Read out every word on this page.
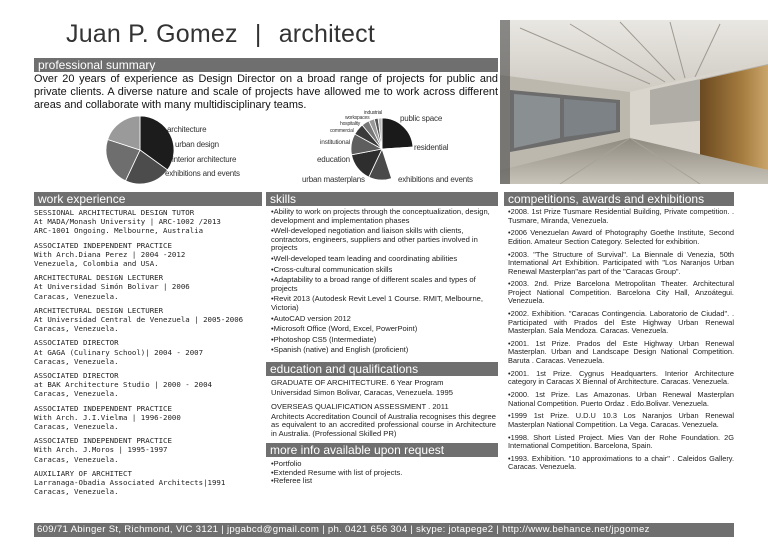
Juan P. Gomez | architect
professional summary
Over 20 years of experience as Design Director on a broad range of projects for public and private clients. A diverse nature and scale of projects have allowed me to work across different areas and collaborate with many multidisciplinary teams.
architecture
urban design
interior architecture
exhibitions and events
industrial
workspaces
hospitality
commercial
institutional
education
urban masterplans	exhibitions and events
residential
public space
work experience	skills	competitions, awards and exhibitions
SESSIONAL ARCHITECTURAL DESIGN TUTOR
At MADA/Monash University | ARC-1002 /2013
ARC-1001 Ongoing. Melbourne, Australia
ASSOCIATED INDEPENDENT PRACTICE
With Arch.Diana Perez | 2004 -2012
Venezuela, Colombia and USA.
ARCHITECTURAL DESIGN LECTURER
At Universidad Simón Bolivar | 2006
Caracas, Venezuela.
ARCHITECTURAL DESIGN LECTURER
At Universidad Central de Venezuela | 2005-2006
Caracas, Venezuela.
ASSOCIATED DIRECTOR
At GAGA (Culinary School)| 2004 - 2007
Caracas, Venezuela.
ASSOCIATED DIRECTOR
at BAK Architecture Studio | 2000 - 2004
Caracas, Venezuela.
ASSOCIATED INDEPENDENT PRACTICE
With Arch. J.I.Vielma | 1996-2000
Caracas, Venezuela.
ASSOCIATED INDEPENDENT PRACTICE
With Arch. J.Moros | 1995-1997
Caracas, Venezuela.
AUXILIARY OF ARCHITECT
Larranaga-Obadia Associated Architects|1991
Caracas, Venezuela.
•Ability to work on projects through the conceptualization, design, development and implementation phases
•Well-developed negotiation and liaison skills with clients, contractors, engineers, suppliers and other parties involved in projects
•Well-developed team leading and coordinating abilities
•Cross-cultural communication skills
•Adaptability to a broad range of different scales and types of projects
•Revit 2013 (Autodesk Revit Level 1 Course. RMIT, Melbourne, Victoria)
•AutoCAD version 2012
•Microsoft Office (Word, Excel, PowerPoint)
•Photoshop CS5 (Intermediate)
•Spanish (native) and English (proficient)
education and qualifications
GRADUATE OF ARCHITECTURE. 6 Year Program
Universidad Simon Bolivar, Caracas, Venezuela. 1995
OVERSEAS QUALIFICATION ASSESSMENT . 2011
Architects Accreditation Council of Australia recognises this degree as equivalent to an accredited professional course in Architecture in Australia. (Professional Skilled PR)
more info available upon request
•Portfolio
•Extended Resume with list of projects.
•Referee list

•2008. 1st Prize Tusmare Residential Building, Private competition. . Tusmare, Miranda, Venezuela.

•2006 Venezuelan Award of Photography Goethe Institute, Second Edition. Amateur Section Category. Selected for exhibition.

•2003. "The Structure of Survival". La Biennale di Venezia, 50th International Art Exhibition. Participated with "Los Naranjos Urban Renewal Masterplan"as part of the "Caracas Group".

•2003. 2nd. Prize Barcelona Metropolitan Theater. Architectural Project National Competition. Barcelona City Hall, Anzoátegui. Venezuela.

•2002. Exhibition. "Caracas Contingencia. Laboratorio de Ciudad". . Participated with Prados del Este Highway Urban Renewal Masterplan. Sala Mendoza. Caracas. Venezuela.

•2001. 1st Prize. Prados del Este Highway Urban Renewal Masterplan. Urban and Landscape Design National Competition. Baruta . Caracas. Venezuela.

•2001. 1st Prize. Cygnus Headquarters. Interior Architecture category in Caracas X Biennal of Architecture. Caracas. Venezuela.

•2000. 1st Prize. Las Amazonas. Urban Renewal Masterplan National Competition. Puerto Ordaz . Edo.Bolivar. Venezuela.

•1999 1st Prize. U.D.U 10.3 Los Naranjos Urban Renewal Masterplan National Competition. La Vega. Caracas. Venezuela.

•1998. Short Listed Project. Mies Van der Rohe Foundation. 2G International Competition. Barcelona, Spain.

•1993. Exhibition. "10 approximations to a chair" . Caleidos Gallery. Caracas. Venezuela.

609/71 Abinger St, Richmond, VIC 3121 | jpgabcd@gmail.com | ph. 0421 656 304 | skype: jotapege2 | http://www.behance.net/jpgomez
